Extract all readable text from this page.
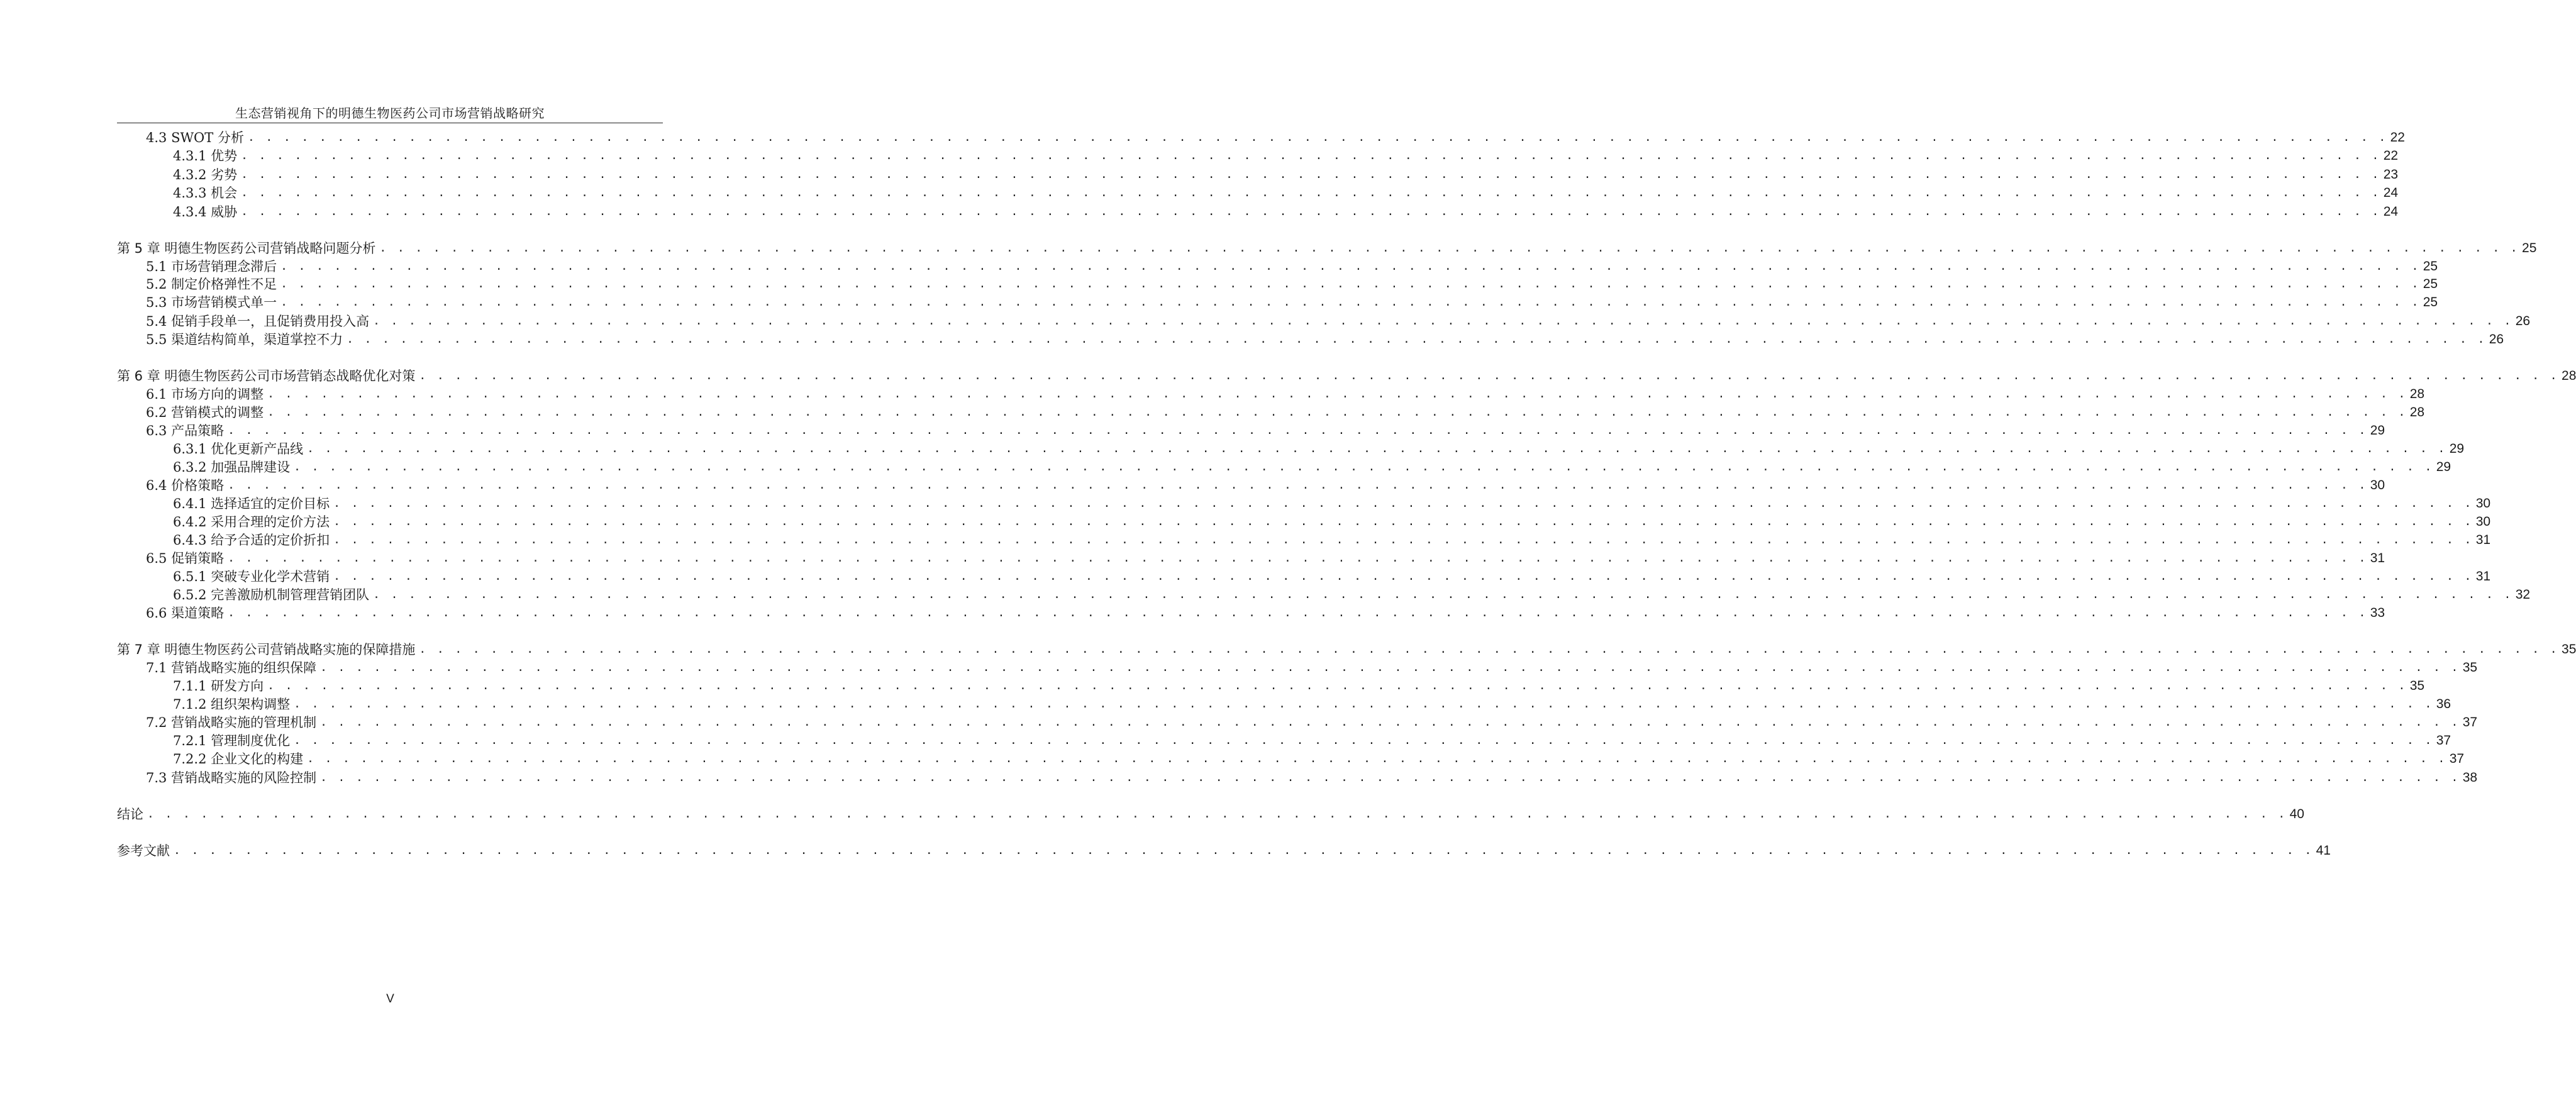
生态营销视角下的明德生物医药公司市场营销战略研究
4.3 SWOT 分析 . . . . . . . . . . . . . . . . . . . . . . . . . . . . . . . . . . . . . . . . . . . . . . . . . . . . . . . . . . . . . . . . . . . . . . . . . . . . . . . . . . . . . . . . . . . . . . . . . . . . . . . . . . . . . . . . . . . . . . . . 22
4.3.1 优势 . . . . . . . . . . . . . . . . . . . . . . . . . . . . . . . . . . . . . . . . . . . . . . . . . . . . . . . . . . . . . . . . . . . . . . . . . . . . . . . . . . . . . . . . . . . . . . . . . . . . . . . . . . . . . . . . . . . . . . . . 22
4.3.2 劣势 . . . . . . . . . . . . . . . . . . . . . . . . . . . . . . . . . . . . . . . . . . . . . . . . . . . . . . . . . . . . . . . . . . . . . . . . . . . . . . . . . . . . . . . . . . . . . . . . . . . . . . . . . . . . . . . . . . . . . . . . 23
4.3.3 机会 . . . . . . . . . . . . . . . . . . . . . . . . . . . . . . . . . . . . . . . . . . . . . . . . . . . . . . . . . . . . . . . . . . . . . . . . . . . . . . . . . . . . . . . . . . . . . . . . . . . . . . . . . . . . . . . . . . . . . . . . 24
4.3.4 威胁 . . . . . . . . . . . . . . . . . . . . . . . . . . . . . . . . . . . . . . . . . . . . . . . . . . . . . . . . . . . . . . . . . . . . . . . . . . . . . . . . . . . . . . . . . . . . . . . . . . . . . . . . . . . . . . . . . . . . . . . . 24
第 5 章 明德生物医药公司营销战略问题分析 . . . . . . . . . . . . . . . . . . . . . . . . . . . . . . . . . . . . . . . . . . . . . . . . . . . . . . . . . . . . . . . . . . . . . . . . . . . . . . . . . . . . . . . . . . . . . . . . . . . . . . . . . . . . . . . . . . . . . . . . 25
5.1 市场营销理念滞后 . . . . . . . . . . . . . . . . . . . . . . . . . . . . . . . . . . . . . . . . . . . . . . . . . . . . . . . . . . . . . . . . . . . . . . . . . . . . . . . . . . . . . . . . . . . . . . . . . . . . . . . . . . . . . . . . . . . . . . . . 25
5.2 制定价格弹性不足 . . . . . . . . . . . . . . . . . . . . . . . . . . . . . . . . . . . . . . . . . . . . . . . . . . . . . . . . . . . . . . . . . . . . . . . . . . . . . . . . . . . . . . . . . . . . . . . . . . . . . . . . . . . . . . . . . . . . . . . . 25
5.3 市场营销模式单一 . . . . . . . . . . . . . . . . . . . . . . . . . . . . . . . . . . . . . . . . . . . . . . . . . . . . . . . . . . . . . . . . . . . . . . . . . . . . . . . . . . . . . . . . . . . . . . . . . . . . . . . . . . . . . . . . . . . . . . . . 25
5.4 促销手段单一，且促销费用投入高 . . . . . . . . . . . . . . . . . . . . . . . . . . . . . . . . . . . . . . . . . . . . . . . . . . . . . . . . . . . . . . . . . . . . . . . . . . . . . . . . . . . . . . . . . . . . . . . . . . . . . . . . . . . . . . . . . . . . . . . . 26
5.5 渠道结构简单，渠道掌控不力 . . . . . . . . . . . . . . . . . . . . . . . . . . . . . . . . . . . . . . . . . . . . . . . . . . . . . . . . . . . . . . . . . . . . . . . . . . . . . . . . . . . . . . . . . . . . . . . . . . . . . . . . . . . . . . . . . . . . . . . . 26
第 6 章 明德生物医药公司市场营销态战略优化对策 . . . . . . . . . . . . . . . . . . . . . . . . . . . . . . . . . . . . . . . . . . . . . . . . . . . . . . . . . . . . . . . . . . . . . . . . . . . . . . . . . . . . . . . . . . . . . . . . . . . . . . . . . . . . . . . . . . . . . . . . 28
6.1 市场方向的调整 . . . . . . . . . . . . . . . . . . . . . . . . . . . . . . . . . . . . . . . . . . . . . . . . . . . . . . . . . . . . . . . . . . . . . . . . . . . . . . . . . . . . . . . . . . . . . . . . . . . . . . . . . . . . . . . . . . . . . . . . 28
6.2 营销模式的调整 . . . . . . . . . . . . . . . . . . . . . . . . . . . . . . . . . . . . . . . . . . . . . . . . . . . . . . . . . . . . . . . . . . . . . . . . . . . . . . . . . . . . . . . . . . . . . . . . . . . . . . . . . . . . . . . . . . . . . . . . 28
6.3 产品策略 . . . . . . . . . . . . . . . . . . . . . . . . . . . . . . . . . . . . . . . . . . . . . . . . . . . . . . . . . . . . . . . . . . . . . . . . . . . . . . . . . . . . . . . . . . . . . . . . . . . . . . . . . . . . . . . . . . . . . . . . 29
6.3.1 优化更新产品线 . . . . . . . . . . . . . . . . . . . . . . . . . . . . . . . . . . . . . . . . . . . . . . . . . . . . . . . . . . . . . . . . . . . . . . . . . . . . . . . . . . . . . . . . . . . . . . . . . . . . . . . . . . . . . . . . . . . . . . . . 29
6.3.2 加强品牌建设 . . . . . . . . . . . . . . . . . . . . . . . . . . . . . . . . . . . . . . . . . . . . . . . . . . . . . . . . . . . . . . . . . . . . . . . . . . . . . . . . . . . . . . . . . . . . . . . . . . . . . . . . . . . . . . . . . . . . . . . . 29
6.4 价格策略 . . . . . . . . . . . . . . . . . . . . . . . . . . . . . . . . . . . . . . . . . . . . . . . . . . . . . . . . . . . . . . . . . . . . . . . . . . . . . . . . . . . . . . . . . . . . . . . . . . . . . . . . . . . . . . . . . . . . . . . . 30
6.4.1 选择适宜的定价目标 . . . . . . . . . . . . . . . . . . . . . . . . . . . . . . . . . . . . . . . . . . . . . . . . . . . . . . . . . . . . . . . . . . . . . . . . . . . . . . . . . . . . . . . . . . . . . . . . . . . . . . . . . . . . . . . . . . . . . . . . 30
6.4.2 采用合理的定价方法 . . . . . . . . . . . . . . . . . . . . . . . . . . . . . . . . . . . . . . . . . . . . . . . . . . . . . . . . . . . . . . . . . . . . . . . . . . . . . . . . . . . . . . . . . . . . . . . . . . . . . . . . . . . . . . . . . . . . . . . . 30
6.4.3 给予合适的定价折扣 . . . . . . . . . . . . . . . . . . . . . . . . . . . . . . . . . . . . . . . . . . . . . . . . . . . . . . . . . . . . . . . . . . . . . . . . . . . . . . . . . . . . . . . . . . . . . . . . . . . . . . . . . . . . . . . . . . . . . . . . 31
6.5 促销策略 . . . . . . . . . . . . . . . . . . . . . . . . . . . . . . . . . . . . . . . . . . . . . . . . . . . . . . . . . . . . . . . . . . . . . . . . . . . . . . . . . . . . . . . . . . . . . . . . . . . . . . . . . . . . . . . . . . . . . . . . 31
6.5.1 突破专业化学术营销 . . . . . . . . . . . . . . . . . . . . . . . . . . . . . . . . . . . . . . . . . . . . . . . . . . . . . . . . . . . . . . . . . . . . . . . . . . . . . . . . . . . . . . . . . . . . . . . . . . . . . . . . . . . . . . . . . . . . . . . . 31
6.5.2 完善激励机制管理营销团队 . . . . . . . . . . . . . . . . . . . . . . . . . . . . . . . . . . . . . . . . . . . . . . . . . . . . . . . . . . . . . . . . . . . . . . . . . . . . . . . . . . . . . . . . . . . . . . . . . . . . . . . . . . . . . . . . . . . . . . . . 32
6.6 渠道策略 . . . . . . . . . . . . . . . . . . . . . . . . . . . . . . . . . . . . . . . . . . . . . . . . . . . . . . . . . . . . . . . . . . . . . . . . . . . . . . . . . . . . . . . . . . . . . . . . . . . . . . . . . . . . . . . . . . . . . . . . 33
第 7 章 明德生物医药公司营销战略实施的保障措施 . . . . . . . . . . . . . . . . . . . . . . . . . . . . . . . . . . . . . . . . . . . . . . . . . . . . . . . . . . . . . . . . . . . . . . . . . . . . . . . . . . . . . . . . . . . . . . . . . . . . . . . . . . . . . . . . . . . . . . . . 35
7.1 营销战略实施的组织保障 . . . . . . . . . . . . . . . . . . . . . . . . . . . . . . . . . . . . . . . . . . . . . . . . . . . . . . . . . . . . . . . . . . . . . . . . . . . . . . . . . . . . . . . . . . . . . . . . . . . . . . . . . . . . . . . . . . . . . . . . 35
7.1.1 研发方向 . . . . . . . . . . . . . . . . . . . . . . . . . . . . . . . . . . . . . . . . . . . . . . . . . . . . . . . . . . . . . . . . . . . . . . . . . . . . . . . . . . . . . . . . . . . . . . . . . . . . . . . . . . . . . . . . . . . . . . . . 35
7.1.2 组织架构调整 . . . . . . . . . . . . . . . . . . . . . . . . . . . . . . . . . . . . . . . . . . . . . . . . . . . . . . . . . . . . . . . . . . . . . . . . . . . . . . . . . . . . . . . . . . . . . . . . . . . . . . . . . . . . . . . . . . . . . . . . 36
7.2 营销战略实施的管理机制 . . . . . . . . . . . . . . . . . . . . . . . . . . . . . . . . . . . . . . . . . . . . . . . . . . . . . . . . . . . . . . . . . . . . . . . . . . . . . . . . . . . . . . . . . . . . . . . . . . . . . . . . . . . . . . . . . . . . . . . . 37
7.2.1 管理制度优化 . . . . . . . . . . . . . . . . . . . . . . . . . . . . . . . . . . . . . . . . . . . . . . . . . . . . . . . . . . . . . . . . . . . . . . . . . . . . . . . . . . . . . . . . . . . . . . . . . . . . . . . . . . . . . . . . . . . . . . . . 37
7.2.2 企业文化的构建 . . . . . . . . . . . . . . . . . . . . . . . . . . . . . . . . . . . . . . . . . . . . . . . . . . . . . . . . . . . . . . . . . . . . . . . . . . . . . . . . . . . . . . . . . . . . . . . . . . . . . . . . . . . . . . . . . . . . . . . . 37
7.3 营销战略实施的风险控制 . . . . . . . . . . . . . . . . . . . . . . . . . . . . . . . . . . . . . . . . . . . . . . . . . . . . . . . . . . . . . . . . . . . . . . . . . . . . . . . . . . . . . . . . . . . . . . . . . . . . . . . . . . . . . . . . . . . . . . . . 38
结论 . . . . . . . . . . . . . . . . . . . . . . . . . . . . . . . . . . . . . . . . . . . . . . . . . . . . . . . . . . . . . . . . . . . . . . . . . . . . . . . . . . . . . . . . . . . . . . . . . . . . . . . . . . . . . . . . . . . . . . . . 40
参考文献 . . . . . . . . . . . . . . . . . . . . . . . . . . . . . . . . . . . . . . . . . . . . . . . . . . . . . . . . . . . . . . . . . . . . . . . . . . . . . . . . . . . . . . . . . . . . . . . . . . . . . . . . . . . . . . . . . . . . . . . . 41
V
